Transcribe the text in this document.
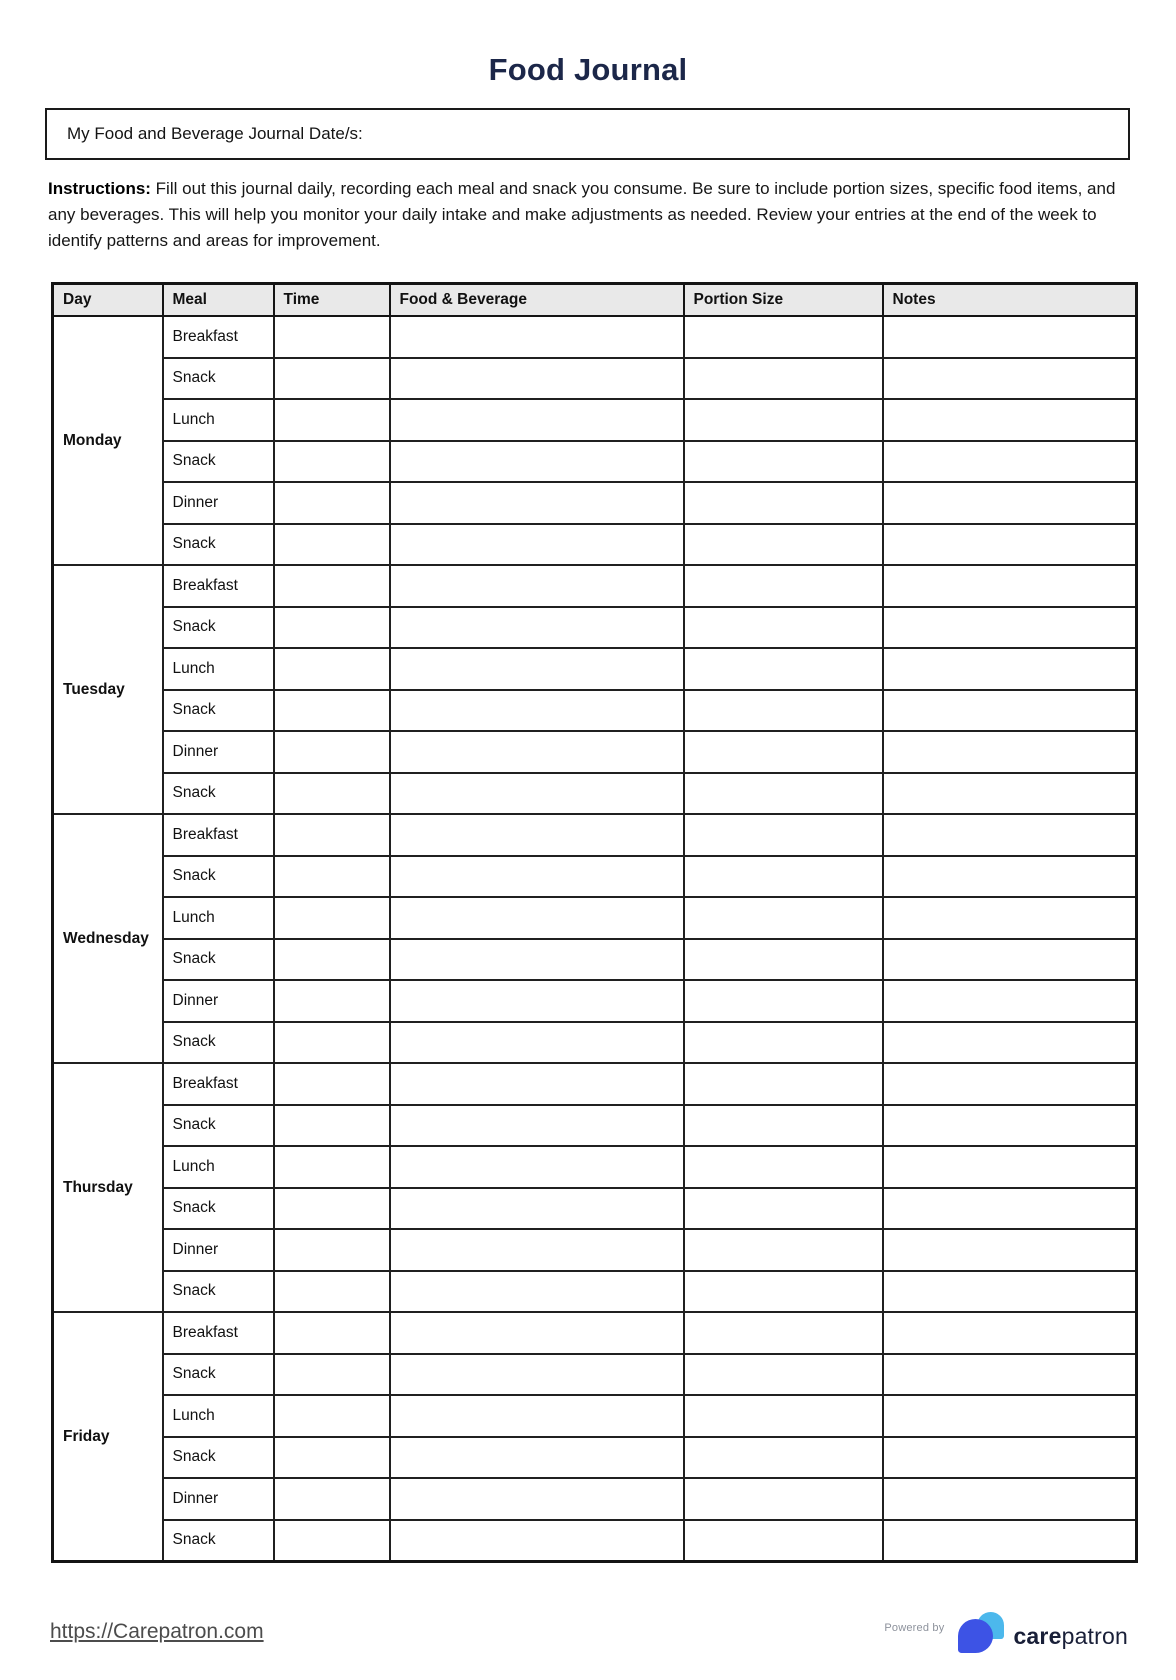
Food Journal
My Food and Beverage Journal Date/s:

Instructions: Fill out this journal daily, recording each meal and snack you consume. Be sure to include portion sizes, specific food items, and any beverages. This will help you monitor your daily intake and make adjustments as needed. Review your entries at the end of the week to identify patterns and areas for improvement.

Day	Meal	Time	Food & Beverage	Portion Size	Notes
Monday	Breakfast				
	Snack				
	Lunch				
	Snack				
	Dinner				
	Snack				
Tuesday	Breakfast				
	Snack				
	Lunch				
	Snack				
	Dinner				
	Snack				
Wednesday	Breakfast				
	Snack				
	Lunch				
	Snack				
	Dinner				
	Snack				
Thursday	Breakfast				
	Snack				
	Lunch				
	Snack				
	Dinner				
	Snack				
Friday	Breakfast				
	Snack				
	Lunch				
	Snack				
	Dinner				
	Snack				
https://Carepatron.com	Powered by	carepatron
